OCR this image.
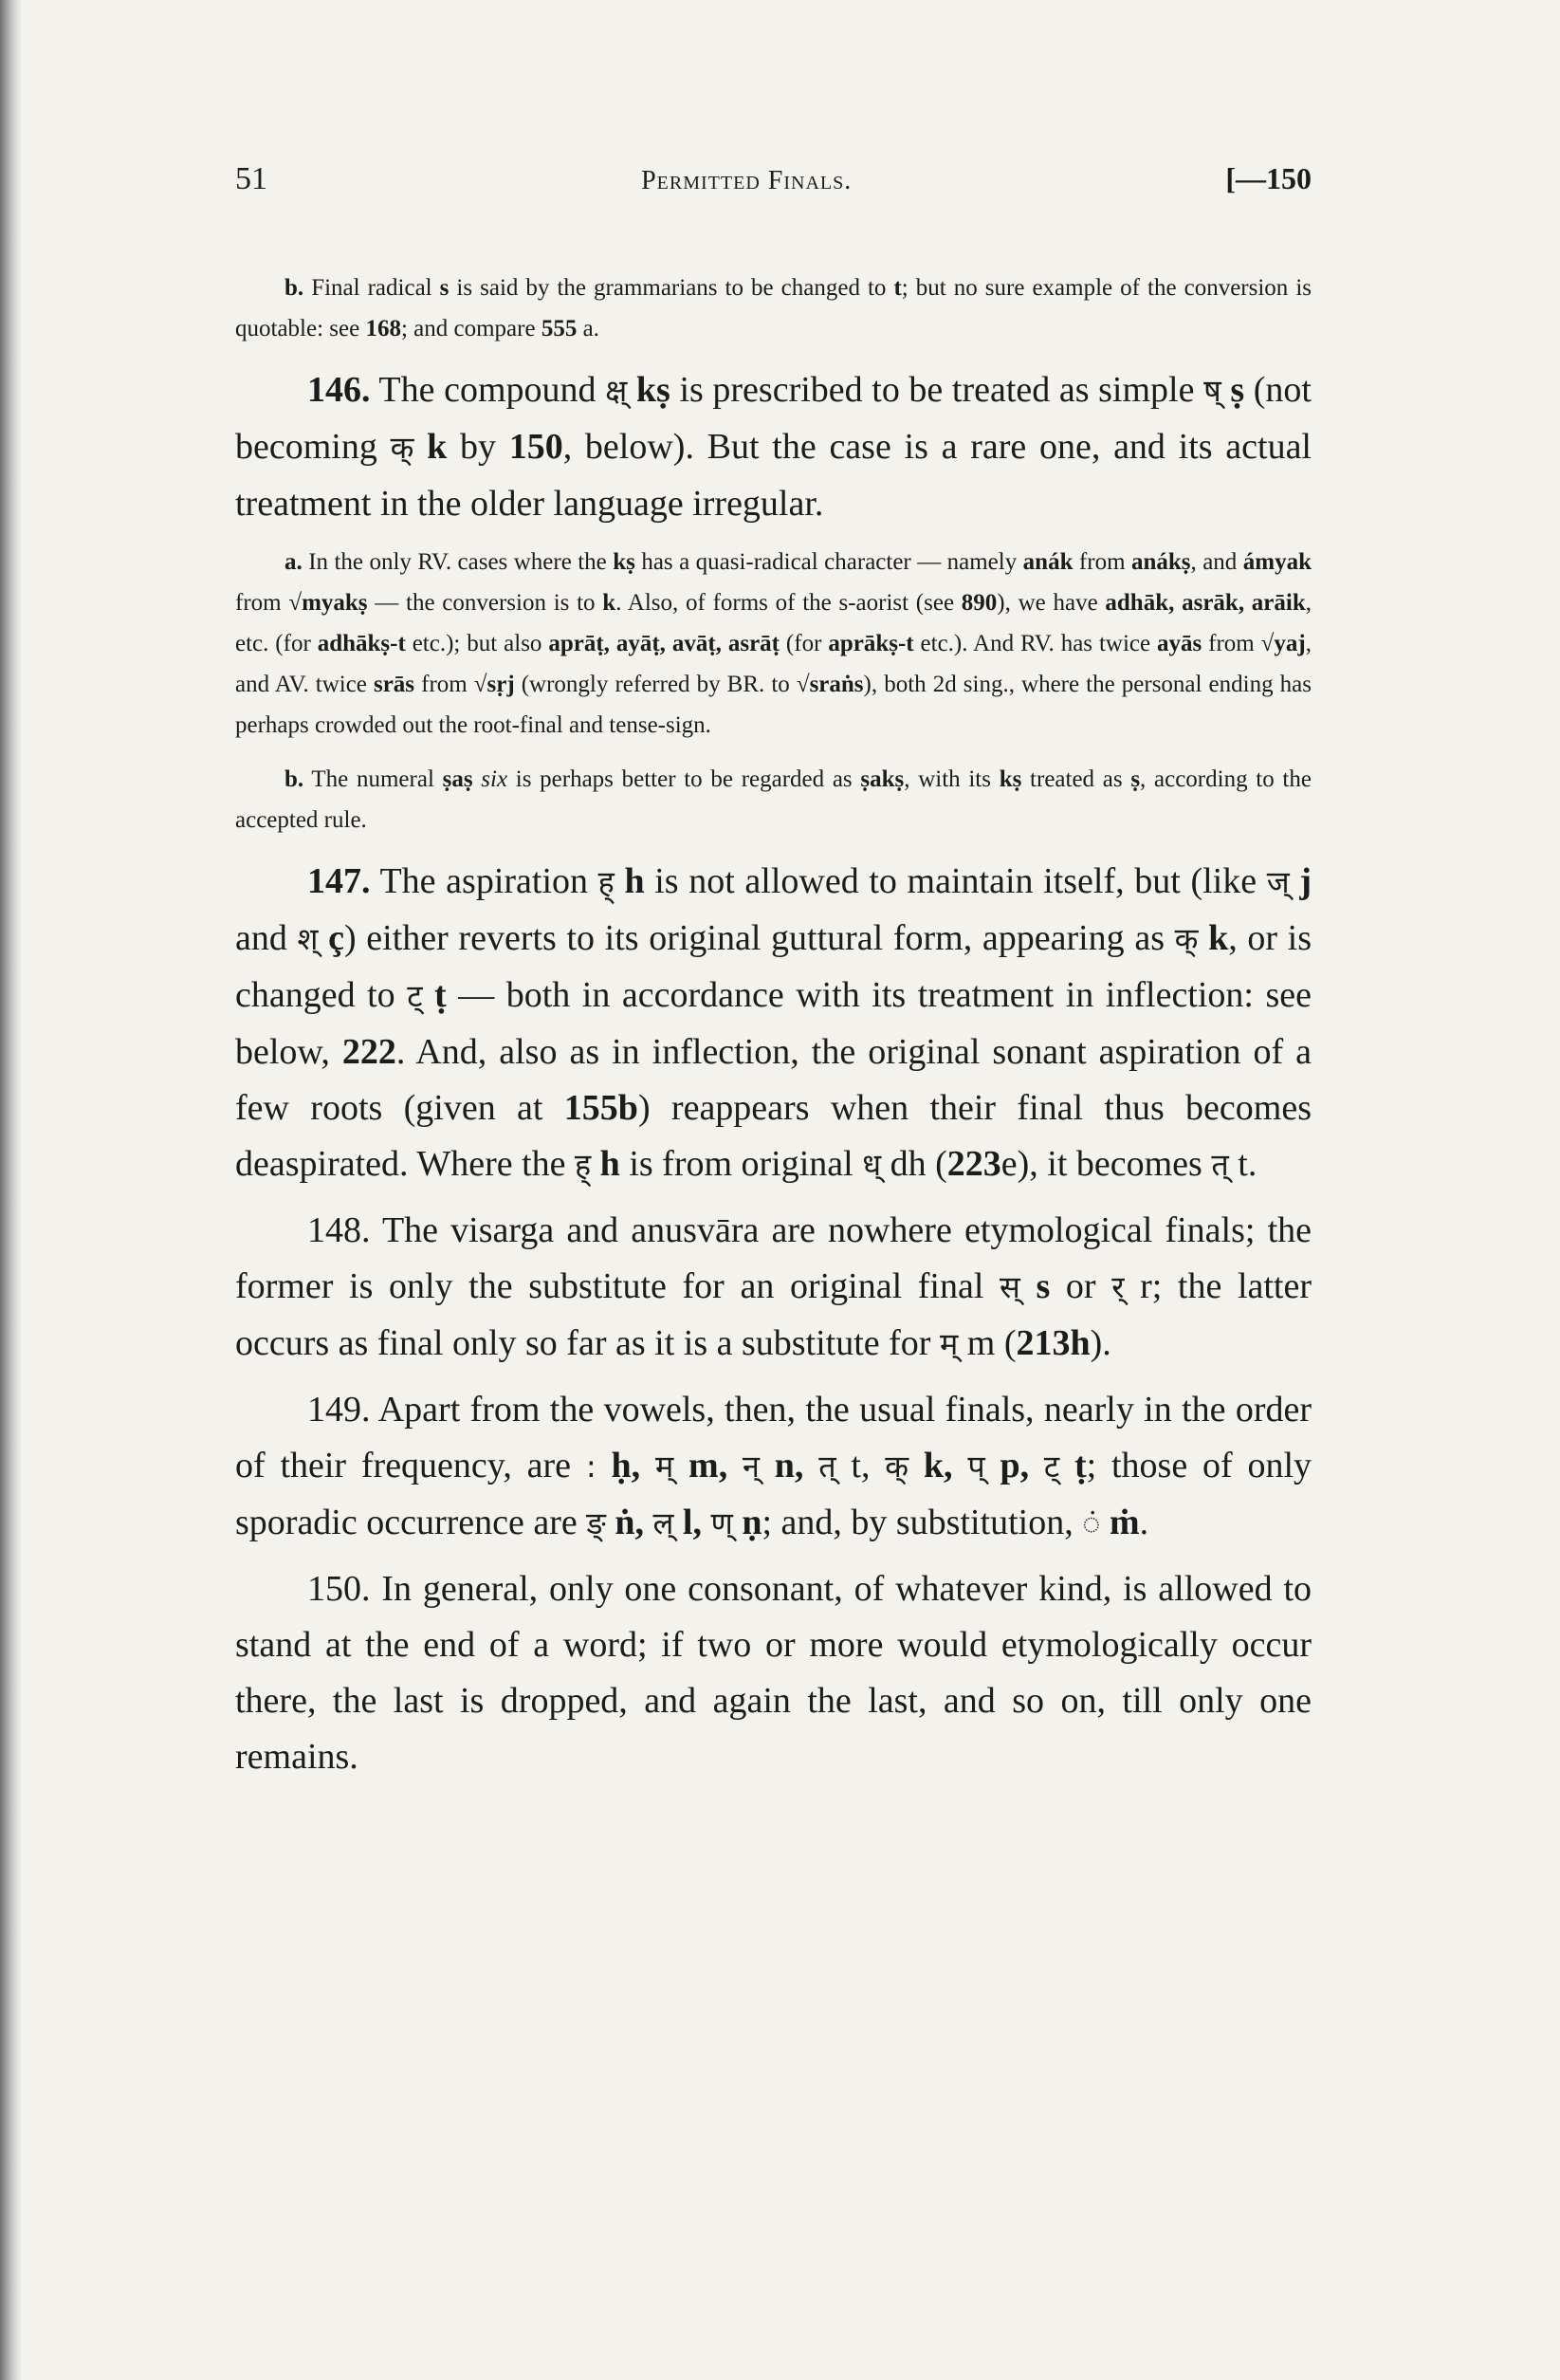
51	Permitted Finals.	[—150

b. Final radical s is said by the grammarians to be changed to t; but no sure example of the conversion is quotable: see 168; and compare 555 a.

146. The compound क्ष् kṣ is prescribed to be treated as simple ष् ṣ (not becoming क् k by 150, below). But the case is a rare one, and its actual treatment in the older language irregular.

a. In the only RV. cases where the kṣ has a quasi-radical character — namely anák from anákṣ, and ámyak from √myakṣ — the conversion is to k. Also, of forms of the s-aorist (see 890), we have adhāk, asrāk, arāik, etc. (for adhākṣ-t etc.); but also aprāṭ, ayāṭ, avāṭ, asrāṭ (for aprākṣ-t etc.). And RV. has twice ayās from √yaj, and AV. twice srās from √sṛj (wrongly referred by BR. to √sraṅs), both 2d sing., where the personal ending has perhaps crowded out the root-final and tense-sign.

b. The numeral ṣaṣ six is perhaps better to be regarded as ṣakṣ, with its kṣ treated as ṣ, according to the accepted rule.

147. The aspiration ह् h is not allowed to maintain itself, but (like ज् j and श् ç) either reverts to its original guttural form, appearing as क् k, or is changed to ट् ṭ — both in accordance with its treatment in inflection: see below, 222. And, also as in inflection, the original sonant aspiration of a few roots (given at 155b) reappears when their final thus becomes deaspirated. Where the ह् h is from original ध् dh (223e), it becomes त् t.

148. The visarga and anusvāra are nowhere etymological finals; the former is only the substitute for an original final स् s or र् r; the latter occurs as final only so far as it is a substitute for म् m (213h).

149. Apart from the vowels, then, the usual finals, nearly in the order of their frequency, are : ḥ, म् m, न् n, त् t, क् k, प् p, ट् ṭ; those of only sporadic occurrence are ङ् ṅ, ल् l, ण् ṇ; and, by substitution, ं ṁ.

150. In general, only one consonant, of whatever kind, is allowed to stand at the end of a word; if two or more would etymologically occur there, the last is dropped, and again the last, and so on, till only one remains.
